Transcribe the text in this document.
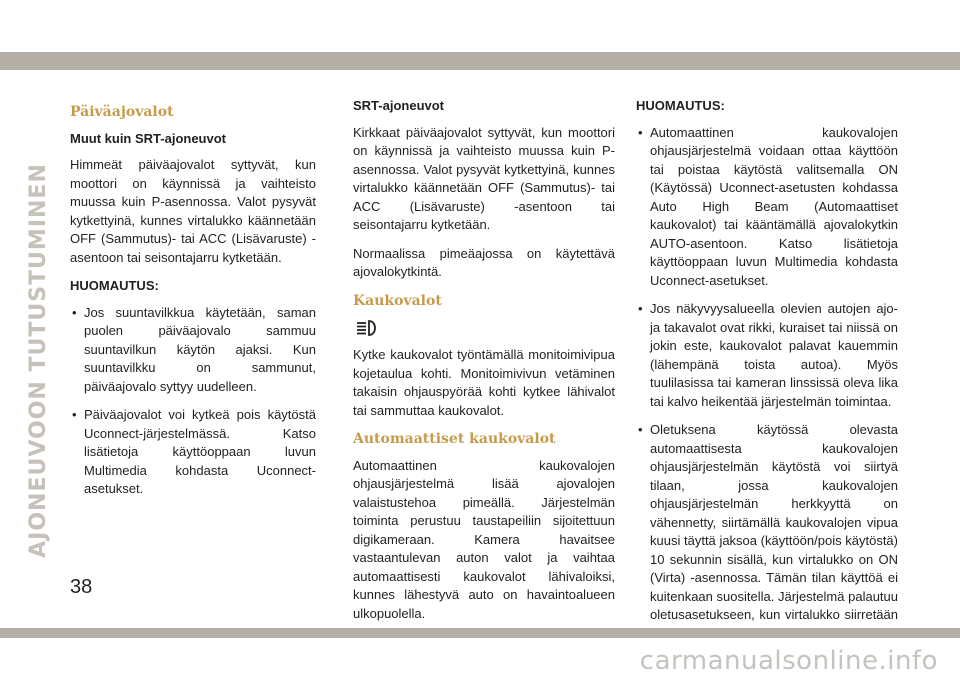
AJONEUVOON TUTUSTUMINEN
Päiväajovalot
Muut kuin SRT-ajoneuvot

Himmeät päiväajovalot syttyvät, kun moottori on käynnissä ja vaihteisto muussa kuin P-asennossa. Valot pysyvät kytkettyinä, kunnes virtalukko käännetään OFF (Sammutus)- tai ACC (Lisävaruste) -asentoon tai seisontajarru kytketään.

HUOMAUTUS:
• Jos suuntavilkkua käytetään, saman puolen päiväajovalo sammuu suuntavilkun käytön ajaksi. Kun suuntavilkku on sammunut, päiväajovalo syttyy uudelleen.
• Päiväajovalot voi kytkeä pois käytöstä Uconnect-järjestelmässä. Katso lisätietoja käyttöoppaan luvun Multimedia kohdasta Uconnect-asetukset.
SRT-ajoneuvot

Kirkkaat päiväajovalot syttyvät, kun moottori on käynnissä ja vaihteisto muussa kuin P-asennossa. Valot pysyvät kytkettyinä, kunnes virtalukko käännetään OFF (Sammutus)- tai ACC (Lisävaruste) -asentoon tai seisontajarru kytketään.

Normaalissa pimeäajossa on käytettävä ajovalokytkintä.

Kaukovalot

Kytke kaukovalot työntämällä monitoimivipua kojetaulua kohti. Monitoimivivun vetäminen takaisin ohjauspyörää kohti kytkee lähivalot tai sammuttaa kaukovalot.

Automaattiset kaukovalot

Automaattinen kaukovalojen ohjausjärjestelmä lisää ajovalojen valaistustehoa pimeällä. Järjestelmän toiminta perustuu taustapeiliin sijoitettuun digikameraan. Kamera havaitsee vastaantulevan auton valot ja vaihtaa automaattisesti kaukovalot lähivaloiksi, kunnes lähestyvä auto on havaintoalueen ulkopuolella.

HUOMAUTUS:
• Automaattinen kaukovalojen ohjausjärjestelmä voidaan ottaa käyttöön tai poistaa käytöstä valitsemalla ON (Käytössä) Uconnect-asetusten kohdassa Auto High Beam (Automaattiset kaukovalot) tai kääntämällä ajovalokytkin AUTO-asentoon. Katso lisätietoja käyttöoppaan luvun Multimedia kohdasta Uconnect-asetukset.
• Jos näkyvyysalueella olevien autojen ajo- ja takavalot ovat rikki, kuraiset tai niissä on jokin este, kaukovalot palavat kauemmin (lähempänä toista autoa). Myös tuulilasissa tai kameran linssissä oleva lika tai kalvo heikentää järjestelmän toimintaa.
• Oletuksena käytössä olevasta automaattisesta kaukovalojen ohjausjärjestelmän käytöstä voi siirtyä tilaan, jossa kaukovalojen ohjausjärjestelmän herkkyyttä on vähennetty, siirtämällä kaukovalojen vipua kuusi täyttä jaksoa (käyttöön/pois käytöstä) 10 sekunnin sisällä, kun virtalukko on ON (Virta) -asennossa. Tämän tilan käyttöä ei kuitenkaan suositella. Järjestelmä palautuu oletusasetukseen, kun virtalukko siirretään
38
carmanualsonline.info
